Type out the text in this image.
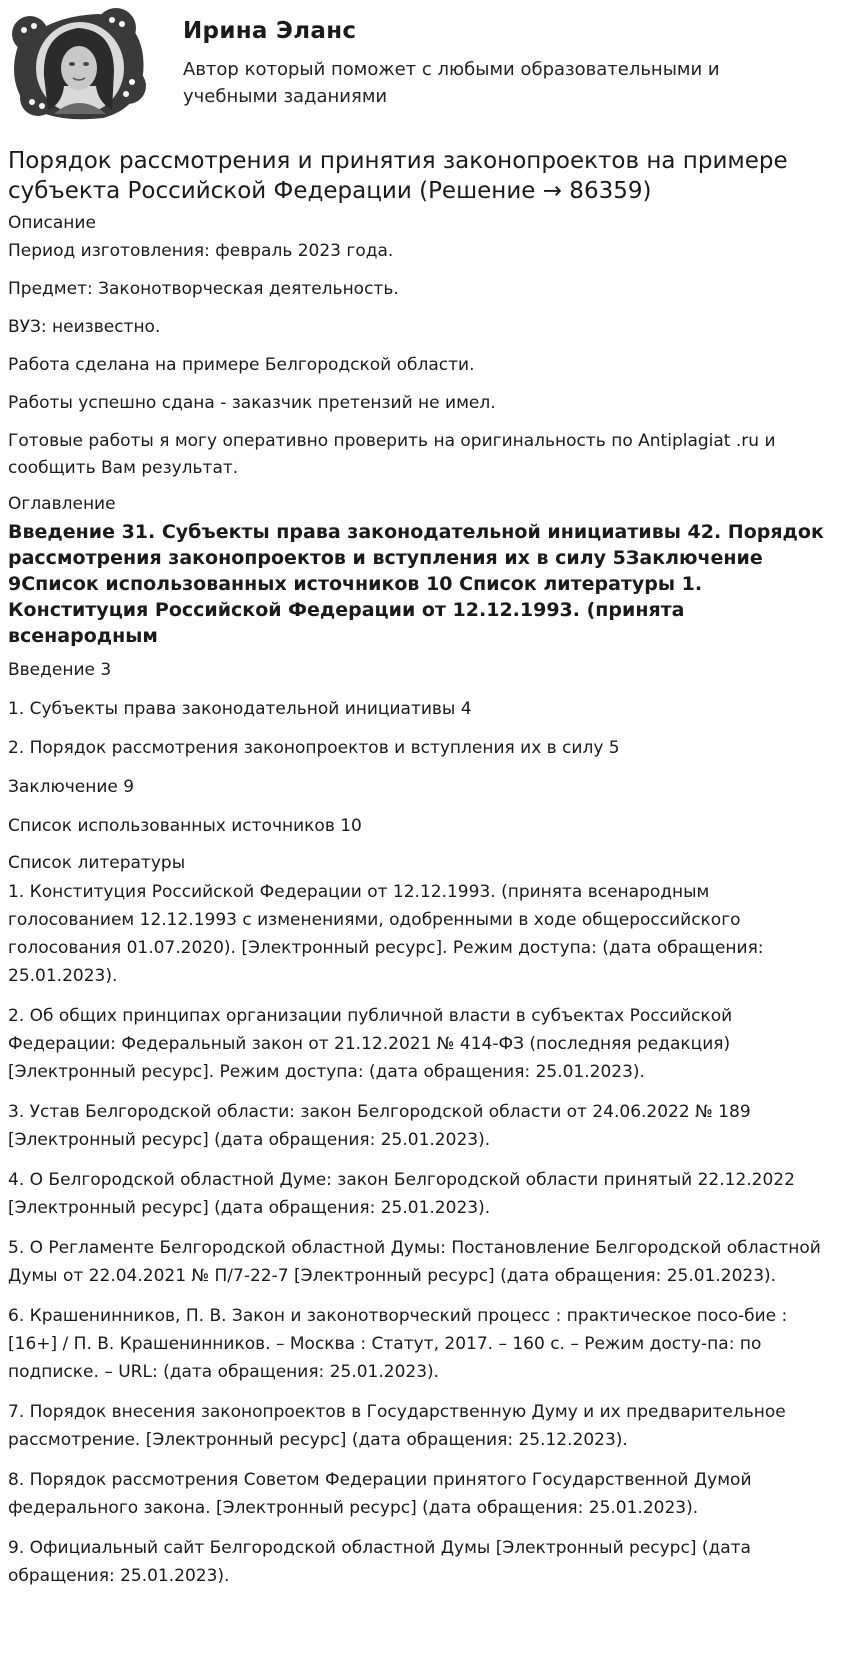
Ирина Эланс
Автор который поможет с любыми образовательными и учебными заданиями
Порядок рассмотрения и принятия законопроектов на примере субъекта Российской Федерации (Решение → 86359)
Описание

Период изготовления: февраль 2023 года.

Предмет: Законотворческая деятельность.

ВУЗ: неизвестно.

Работа сделана на примере Белгородской области.

Работы успешно сдана - заказчик претензий не имел.

Готовые работы я могу оперативно проверить на оригинальность по Antiplagiat .ru и сообщить Вам результат.

Оглавление
Введение 31. Субъекты права законодательной инициативы 42. Порядок рассмотрения законопроектов и вступления их в силу 5Заключение 9Список использованных источников 10 Список литературы 1. Конституция Российской Федерации от 12.12.1993. (принята всенародным

Введение 3

1. Субъекты права законодательной инициативы 4

2. Порядок рассмотрения законопроектов и вступления их в силу 5

Заключение 9

Список использованных источников 10

Список литературы

1. Конституция Российской Федерации от 12.12.1993. (принята всенародным голосованием 12.12.1993 с изменениями, одобренными в ходе общероссийского голосования 01.07.2020). [Электронный ресурс]. Режим доступа: (дата обращения: 25.01.2023).

2. Об общих принципах организации публичной власти в субъектах Российской Федерации: Федеральный закон от 21.12.2021 № 414-ФЗ (последняя редакция) [Электронный ресурс]. Режим доступа: (дата обращения: 25.01.2023).

3. Устав Белгородской области: закон Белгородской области от 24.06.2022 № 189 [Электронный ресурс] (дата обращения: 25.01.2023).

4. О Белгородской областной Думе: закон Белгородской области принятый 22.12.2022 [Электронный ресурс] (дата обращения: 25.01.2023).

5. О Регламенте Белгородской областной Думы: Постановление Белгородской областной Думы от 22.04.2021 № П/7-22-7 [Электронный ресурс] (дата обращения: 25.01.2023).

6. Крашенинников, П. В. Закон и законотворческий процесс : практическое посо-бие : [16+] / П. В. Крашенинников. – Москва : Статут, 2017. – 160 с. – Режим досту-па: по подписке. – URL: (дата обращения: 25.01.2023).

7. Порядок внесения законопроектов в Государственную Думу и их предварительное рассмотрение. [Электронный ресурс] (дата обращения: 25.12.2023).

8. Порядок рассмотрения Советом Федерации принятого Государственной Думой федерального закона. [Электронный ресурс] (дата обращения: 25.01.2023).

9. Официальный сайт Белгородской областной Думы [Электронный ресурс] (дата обращения: 25.01.2023).
